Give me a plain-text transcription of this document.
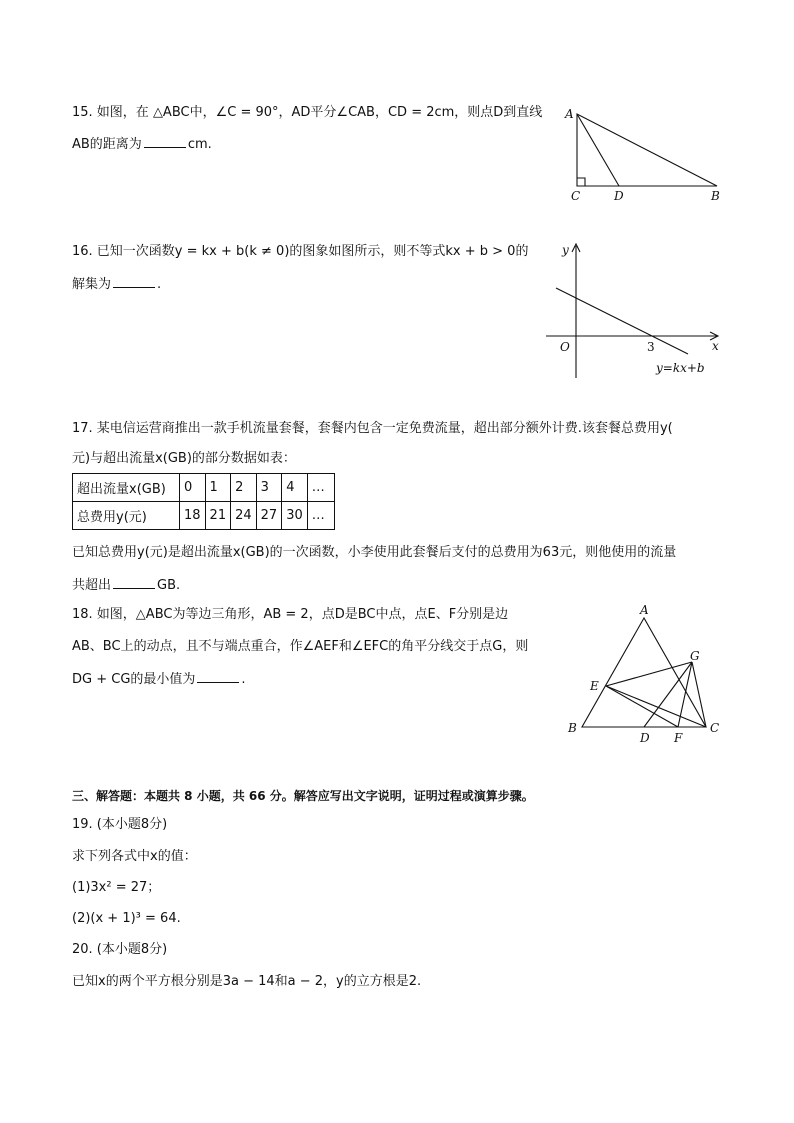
15. 如图，在 △ABC中，∠C = 90°，AD平分∠CAB，CD = 2cm，则点D到直线
AB的距离为	cm.
A
C	D	B
16. 已知一次函数y = kx + b(k ≠ 0)的图象如图所示，则不等式kx + b > 0的
解集为	.
y
x
O	3
y=kx+b
17. 某电信运营商推出一款手机流量套餐，套餐内包含一定免费流量，超出部分额外计费.该套餐总费用y(
元)与超出流量x(GB)的部分数据如表：
超出流量x(GB)	0	1	2	3	4	…
总费用y(元)	18	21	24	27	30	…
已知总费用y(元)是超出流量x(GB)的一次函数，小李使用此套餐后支付的总费用为63元，则他使用的流量
共超出	GB.
18. 如图，△ABC为等边三角形，AB = 2，点D是BC中点，点E、F分别是边
AB、BC上的动点，且不与端点重合，作∠AEF和∠EFC的角平分线交于点G，则
DG + CG的最小值为	.
A
B	C
D
E
F
G
三、解答题：本题共 8 小题，共 66 分。解答应写出文字说明，证明过程或演算步骤。
19. (本小题8分)
求下列各式中x的值：
(1)3x² = 27；
(2)(x + 1)³ = 64.
20. (本小题8分)
已知x的两个平方根分别是3a − 14和a − 2，y的立方根是2.
